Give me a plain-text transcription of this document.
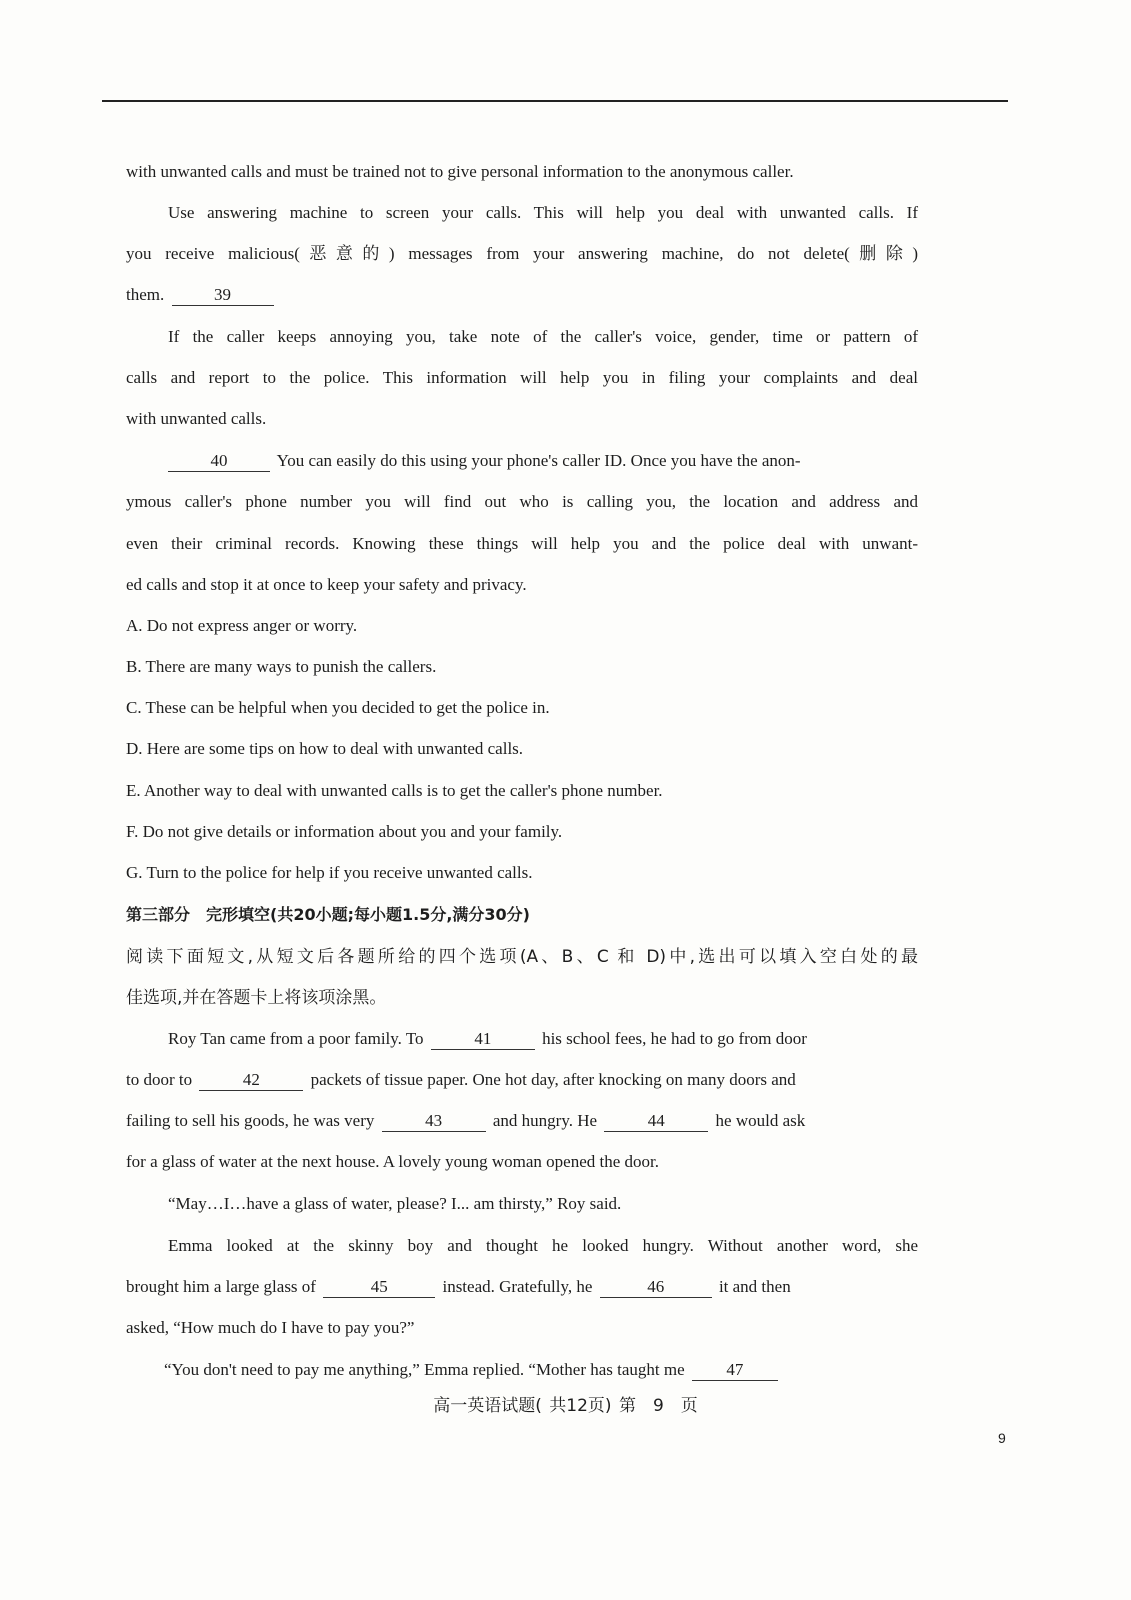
with unwanted calls and must be trained not to give personal information to the anonymous caller.
Use answering machine to screen your calls. This will help you deal with unwanted calls. If
you receive malicious(恶意的) messages from your answering machine, do not delete(删除)
them.	39
If the caller keeps annoying you, take note of the caller's voice, gender, time or pattern of
calls and report to the police. This information will help you in filing your complaints and deal
with unwanted calls.
40	You can easily do this using your phone's caller ID. Once you have the anon-
ymous caller's phone number you will find out who is calling you, the location and address and
even their criminal records. Knowing these things will help you and the police deal with unwant-
ed calls and stop it at once to keep your safety and privacy.
A. Do not express anger or worry.
B. There are many ways to punish the callers.
C. These can be helpful when you decided to get the police in.
D. Here are some tips on how to deal with unwanted calls.
E. Another way to deal with unwanted calls is to get the caller's phone number.
F. Do not give details or information about you and your family.
G. Turn to the police for help if you receive unwanted calls.
第三部分　完形填空(共20小题;每小题1.5分,满分30分)
阅读下面短文,从短文后各题所给的四个选项(A、B、C 和 D)中,选出可以填入空白处的最
佳选项,并在答题卡上将该项涂黑。
Roy Tan came from a poor family. To	41	his school fees, he had to go from door
to door to	42	packets of tissue paper. One hot day, after knocking on many doors and
failing to sell his goods, he was very	43	and hungry. He	44	he would ask
for a glass of water at the next house. A lovely young woman opened the door.
“May…I…have a glass of water, please? I... am thirsty,” Roy said.
Emma looked at the skinny boy and thought he looked hungry. Without another word, she
brought him a large glass of	45	instead. Gratefully, he	46	it and then
asked, “How much do I have to pay you?”
“You don't need to pay me anything,” Emma replied. “Mother has taught me 47
高一英语试题( 共12页) 第　9　页
9
